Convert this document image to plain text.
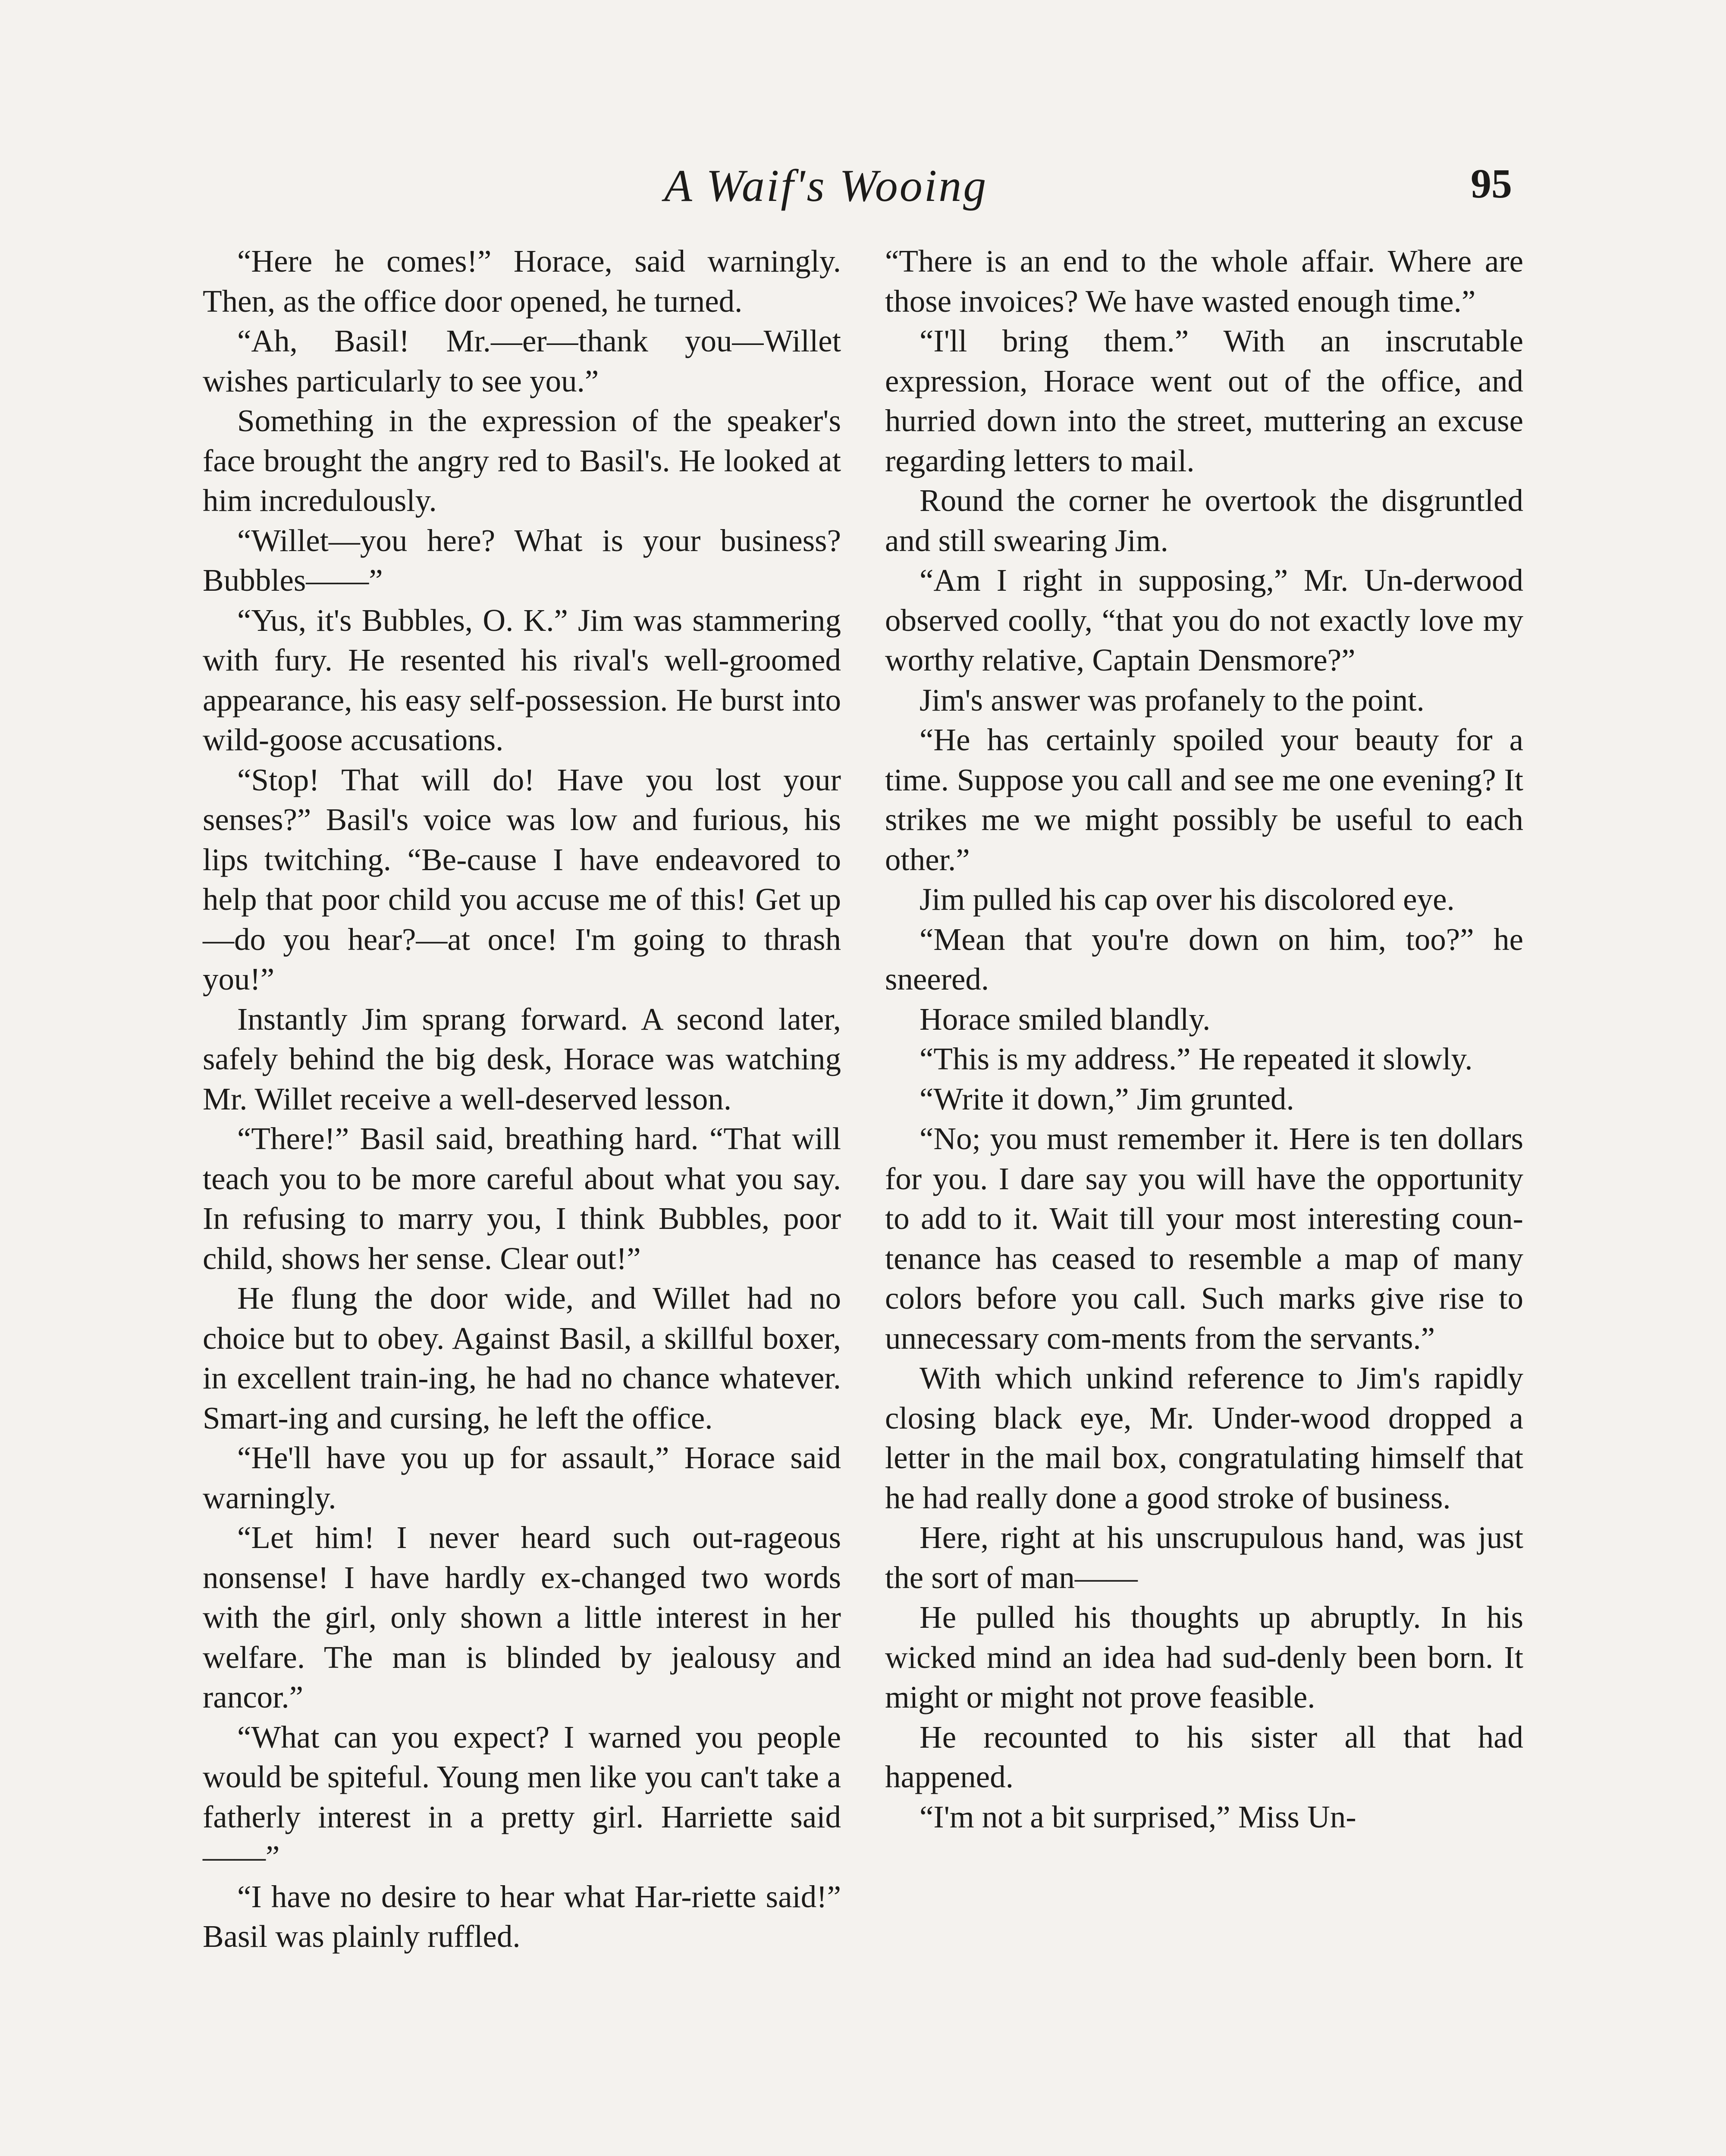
A Waif's Wooing	95

“Here he comes!” Horace, said warningly. Then, as the office door opened, he turned.

“Ah, Basil! Mr.—er—thank you—Willet wishes particularly to see you.”

Something in the expression of the speaker's face brought the angry red to Basil's. He looked at him incredulously.

“Willet—you here? What is your business? Bubbles——”

“Yus, it's Bubbles, O. K.” Jim was stammering with fury. He resented his rival's well-groomed appearance, his easy self-possession. He burst into wild-goose accusations.

“Stop! That will do! Have you lost your senses?” Basil's voice was low and furious, his lips twitching. “Be-cause I have endeavored to help that poor child you accuse me of this! Get up—do you hear?—at once! I'm going to thrash you!”

Instantly Jim sprang forward. A second later, safely behind the big desk, Horace was watching Mr. Willet receive a well-deserved lesson.

“There!” Basil said, breathing hard. “That will teach you to be more careful about what you say. In refusing to marry you, I think Bubbles, poor child, shows her sense. Clear out!”

He flung the door wide, and Willet had no choice but to obey. Against Basil, a skillful boxer, in excellent train-ing, he had no chance whatever. Smart-ing and cursing, he left the office.

“He'll have you up for assault,” Horace said warningly.

“Let him! I never heard such out-rageous nonsense! I have hardly ex-changed two words with the girl, only shown a little interest in her welfare. The man is blinded by jealousy and rancor.”

“What can you expect? I warned you people would be spiteful. Young men like you can't take a fatherly interest in a pretty girl. Harriette said——”

“I have no desire to hear what Har-riette said!” Basil was plainly ruffled.

“There is an end to the whole affair. Where are those invoices? We have wasted enough time.”

“I'll bring them.” With an inscrutable expression, Horace went out of the office, and hurried down into the street, muttering an excuse regarding letters to mail.

Round the corner he overtook the disgruntled and still swearing Jim.

“Am I right in supposing,” Mr. Un-derwood observed coolly, “that you do not exactly love my worthy relative, Captain Densmore?”

Jim's answer was profanely to the point.

“He has certainly spoiled your beauty for a time. Suppose you call and see me one evening? It strikes me we might possibly be useful to each other.”

Jim pulled his cap over his discolored eye.

“Mean that you're down on him, too?” he sneered.

Horace smiled blandly.

“This is my address.” He repeated it slowly.

“Write it down,” Jim grunted.

“No; you must remember it. Here is ten dollars for you. I dare say you will have the opportunity to add to it. Wait till your most interesting coun-tenance has ceased to resemble a map of many colors before you call. Such marks give rise to unnecessary com-ments from the servants.”

With which unkind reference to Jim's rapidly closing black eye, Mr. Under-wood dropped a letter in the mail box, congratulating himself that he had really done a good stroke of business.

Here, right at his unscrupulous hand, was just the sort of man——

He pulled his thoughts up abruptly. In his wicked mind an idea had sud-denly been born. It might or might not prove feasible.

He recounted to his sister all that had happened.

“I'm not a bit surprised,” Miss Un-
